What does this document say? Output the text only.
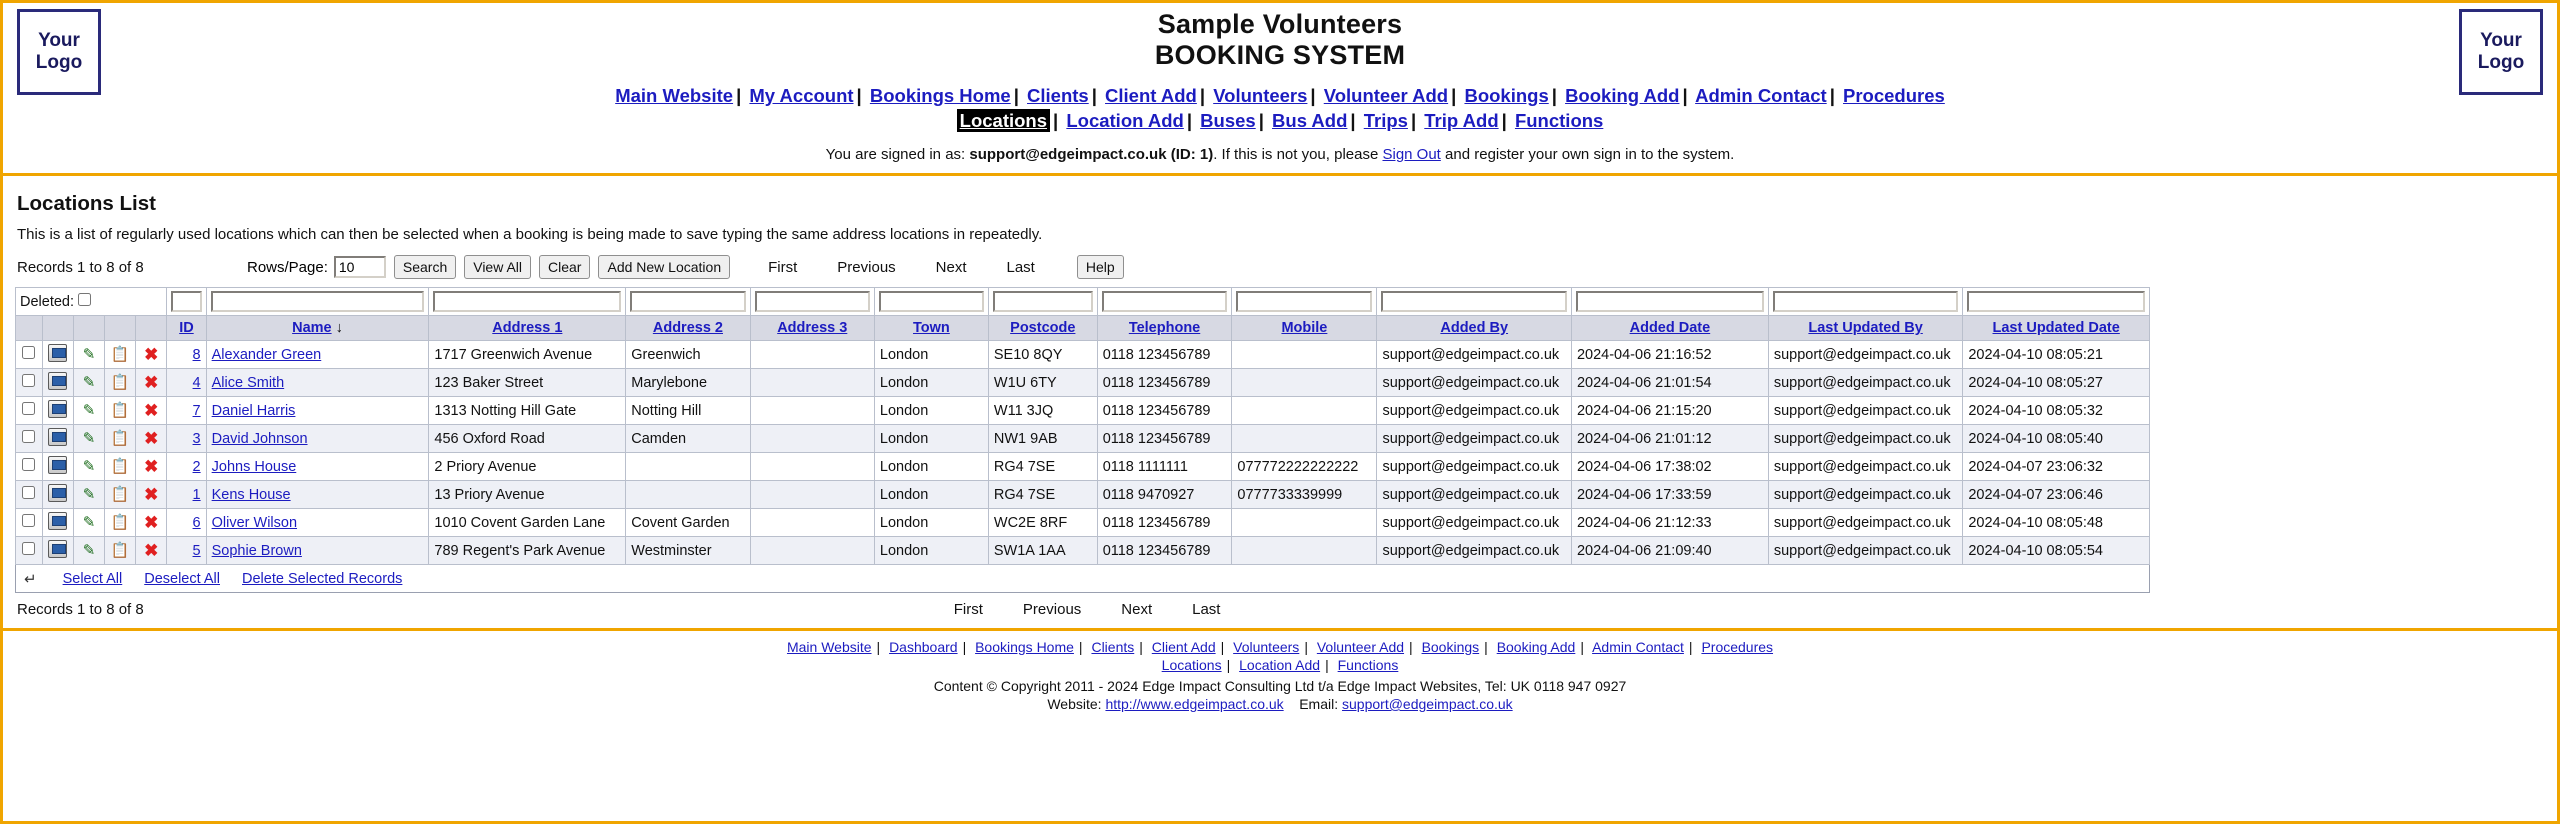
Your
Logo
Your
Logo
Sample Volunteers
BOOKING SYSTEM
Main Website | My Account | Bookings Home | Clients | Client Add | Volunteers | Volunteer Add | Bookings | Booking Add | Admin Contact | Procedures
Locations | Location Add | Buses | Bus Add | Trips | Trip Add | Functions
You are signed in as: support@edgeimpact.co.uk (ID: 1). If this is not you, please Sign Out and register your own sign in to the system.
Locations List
This is a list of regularly used locations which can then be selected when a booking is being made to save typing the same address locations in repeatedly.
Records 1 to 8 of 8	Rows/Page:
10	Search	View All	Clear	Add New Location	First	Previous	Next	Last	Help
Deleted:													
					ID	Name ↓	Address 1	Address 2	Address 3	Town	Postcode	Telephone	Mobile	Added By	Added Date	Last Updated By	Last Updated Date
		✎	📋	✖	8	Alexander Green	1717 Greenwich Avenue	Greenwich		London	SE10 8QY	0118 123456789		support@edgeimpact.co.uk	2024-04-06 21:16:52	support@edgeimpact.co.uk	2024-04-10 08:05:21
		✎	📋	✖	4	Alice Smith	123 Baker Street	Marylebone		London	W1U 6TY	0118 123456789		support@edgeimpact.co.uk	2024-04-06 21:01:54	support@edgeimpact.co.uk	2024-04-10 08:05:27
		✎	📋	✖	7	Daniel Harris	1313 Notting Hill Gate	Notting Hill		London	W11 3JQ	0118 123456789		support@edgeimpact.co.uk	2024-04-06 21:15:20	support@edgeimpact.co.uk	2024-04-10 08:05:32
		✎	📋	✖	3	David Johnson	456 Oxford Road	Camden		London	NW1 9AB	0118 123456789		support@edgeimpact.co.uk	2024-04-06 21:01:12	support@edgeimpact.co.uk	2024-04-10 08:05:40
		✎	📋	✖	2	Johns House	2 Priory Avenue			London	RG4 7SE	0118 1111111	077772222222222	support@edgeimpact.co.uk	2024-04-06 17:38:02	support@edgeimpact.co.uk	2024-04-07 23:06:32
		✎	📋	✖	1	Kens House	13 Priory Avenue			London	RG4 7SE	0118 9470927	0777733339999	support@edgeimpact.co.uk	2024-04-06 17:33:59	support@edgeimpact.co.uk	2024-04-07 23:06:46
		✎	📋	✖	6	Oliver Wilson	1010 Covent Garden Lane	Covent Garden		London	WC2E 8RF	0118 123456789		support@edgeimpact.co.uk	2024-04-06 21:12:33	support@edgeimpact.co.uk	2024-04-10 08:05:48
		✎	📋	✖	5	Sophie Brown	789 Regent's Park Avenue	Westminster		London	SW1A 1AA	0118 123456789		support@edgeimpact.co.uk	2024-04-06 21:09:40	support@edgeimpact.co.uk	2024-04-10 08:05:54
↵ Select All Deselect All Delete Selected Records
Records 1 to 8 of 8	First	Previous	Next	Last
Main Website | Dashboard | Bookings Home | Clients | Client Add | Volunteers | Volunteer Add | Bookings | Booking Add | Admin Contact | Procedures
Locations | Location Add | Functions
Content © Copyright 2011 - 2024 Edge Impact Consulting Ltd t/a Edge Impact Websites, Tel: UK 0118 947 0927
Website: http://www.edgeimpact.co.uk Email: support@edgeimpact.co.uk
